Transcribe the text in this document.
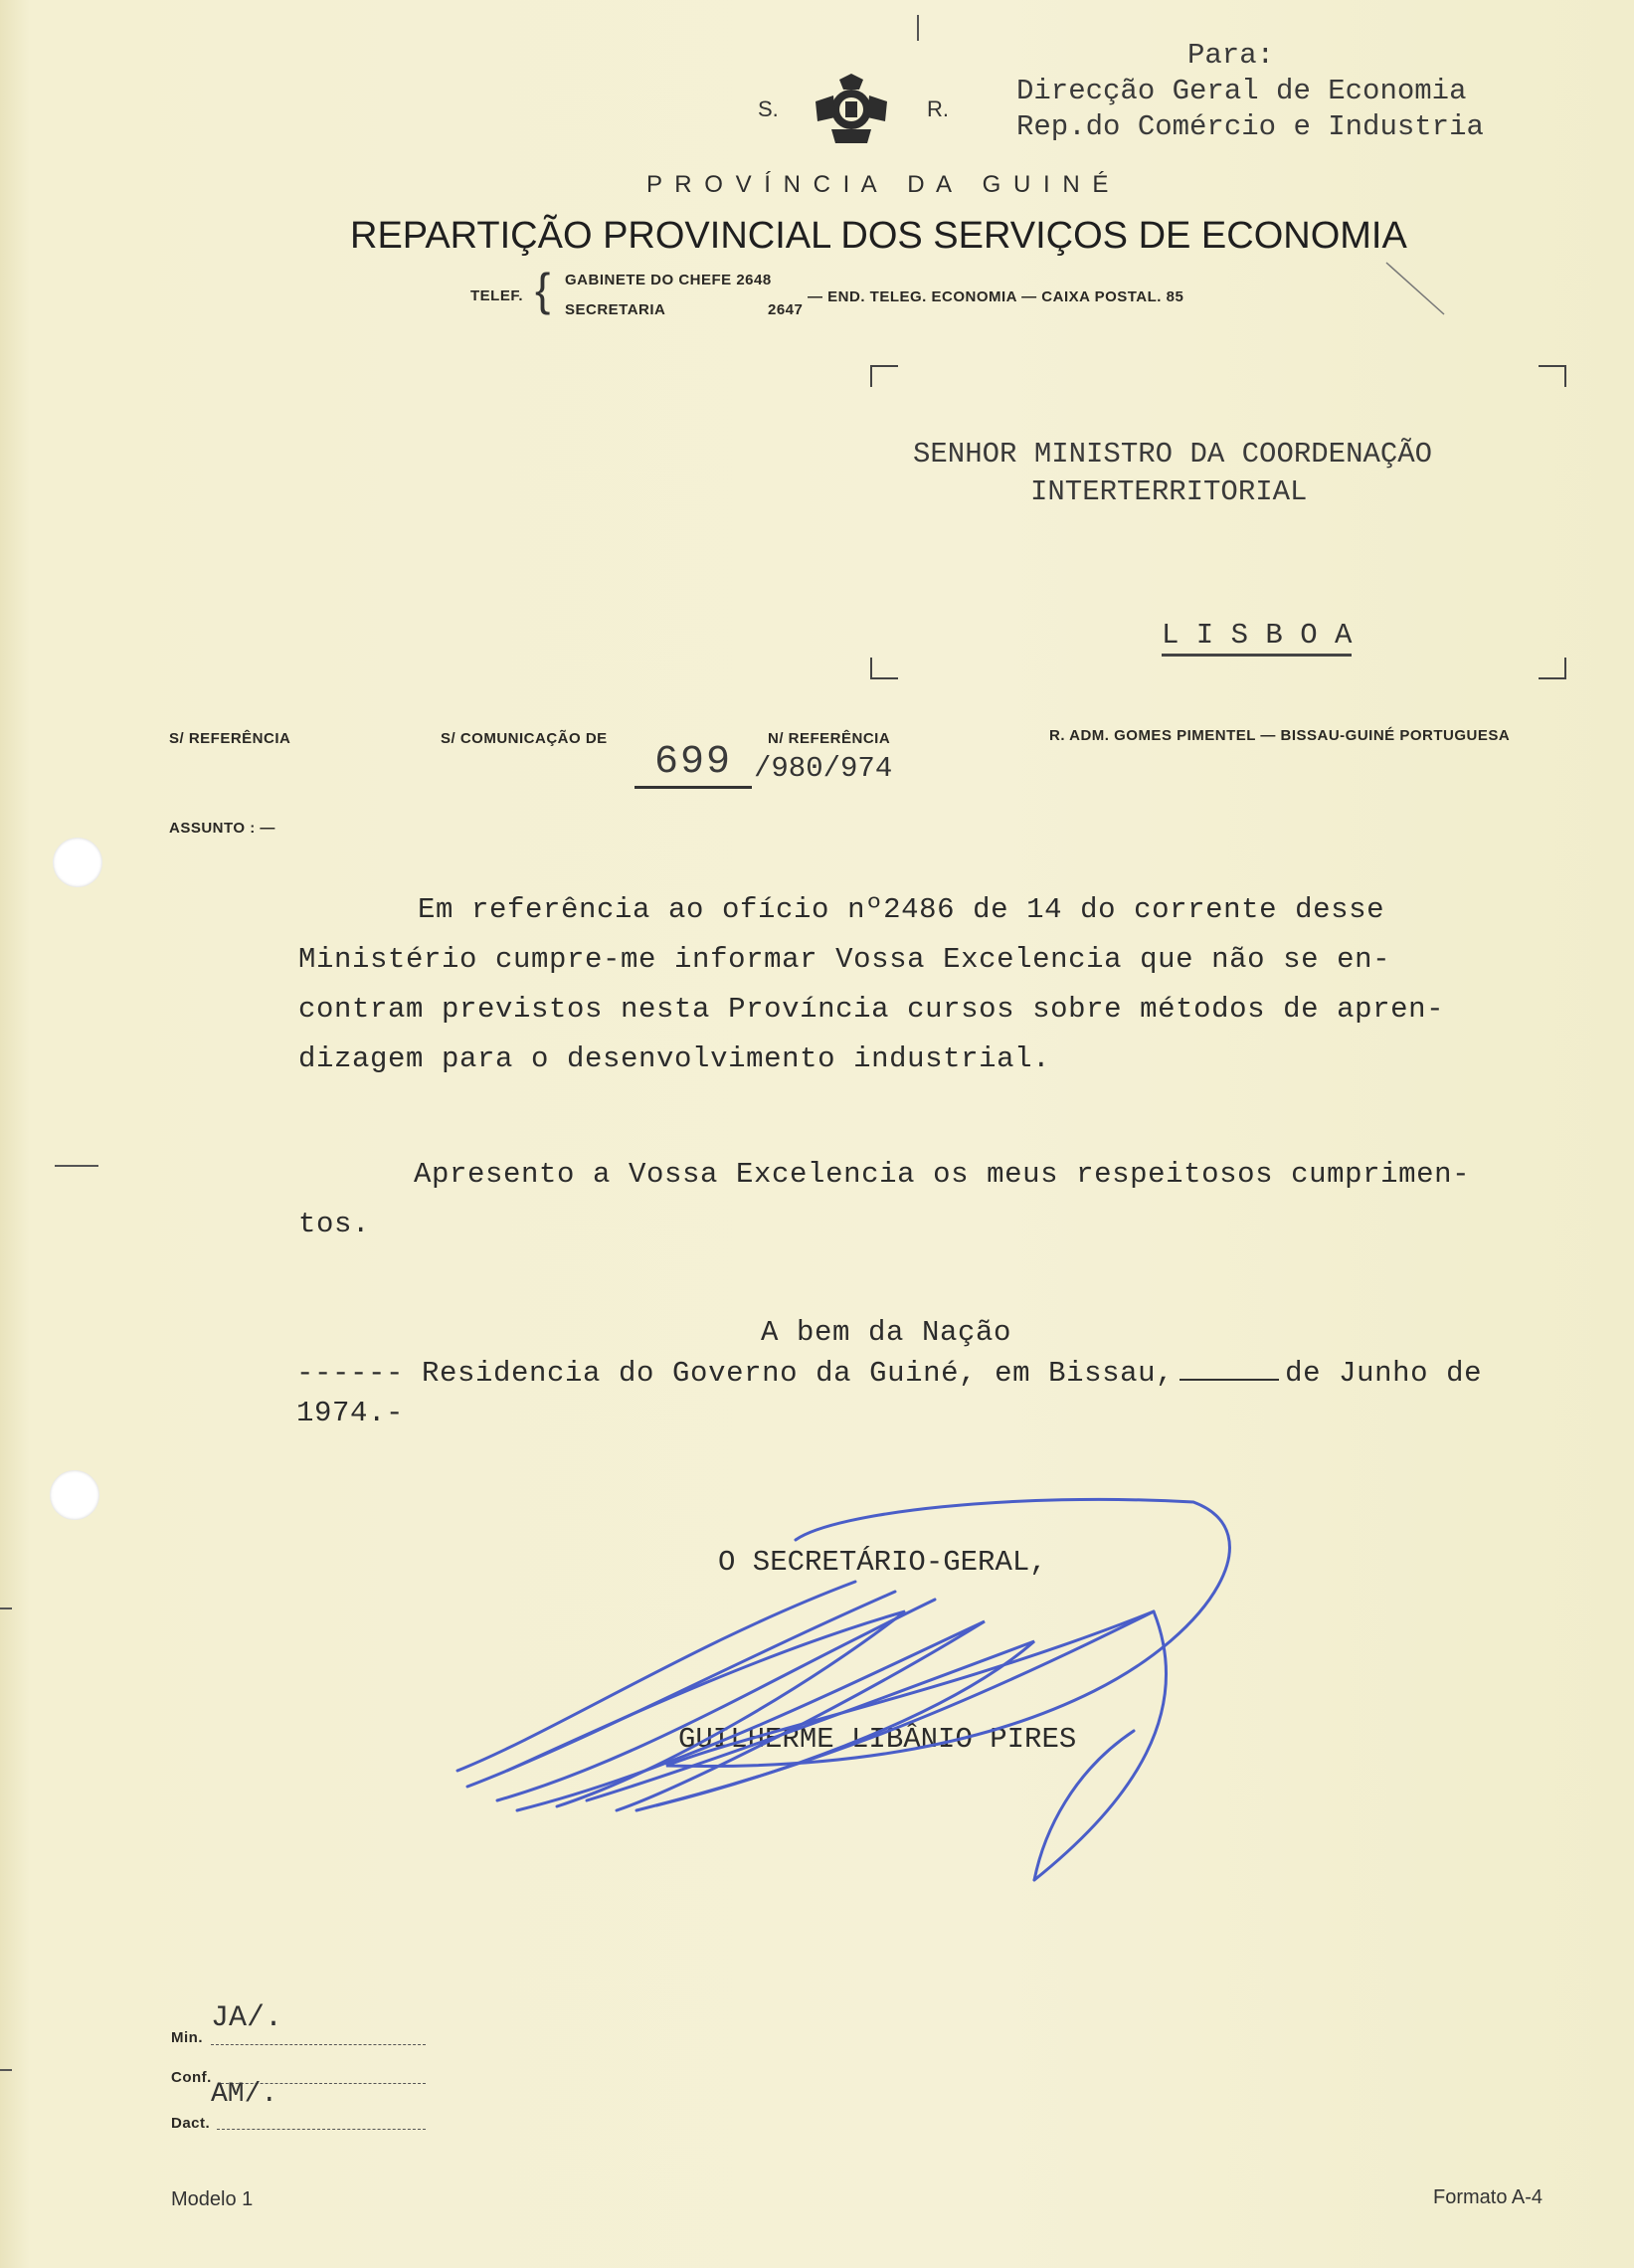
Para:
Direcção Geral de Economia
Rep.do Comércio e Industria
S.	R.
P R O V Í N C I A   D A   G U I N É
REPARTIÇÃO PROVINCIAL DOS SERVIÇOS DE ECONOMIA
TELEF. { GABINETE DO CHEFE 2648
SECRETARIA	2647
— END. TELEG. ECONOMIA — CAIXA POSTAL. 85
SENHOR MINISTRO DA COORDENAÇÃO
INTERTERRITORIAL
L I S B O A
S/ REFERÊNCIA	S/ COMUNICAÇÃO DE	N/ REFERÊNCIA	R. ADM. GOMES PIMENTEL — BISSAU-GUINÉ PORTUGUESA
699 /980/974
ASSUNTO : —
Em referência ao ofício nº2486 de 14 do corrente desse
Ministério cumpre-me informar Vossa Excelencia que não se en-
contram previstos nesta Província cursos sobre métodos de apren-
dizagem para o desenvolvimento industrial.
Apresento a Vossa Excelencia os meus respeitosos cumprimen-
tos.
A bem da Nação
------ Residencia do Governo da Guiné, em Bissau,	de Junho de
1974.-
O SECRETÁRIO-GERAL,
GUILHERME LIBÂNIO PIRES
Min.
JA/.
Conf.
AM/.
Dact.
Modelo 1	Formato A-4
